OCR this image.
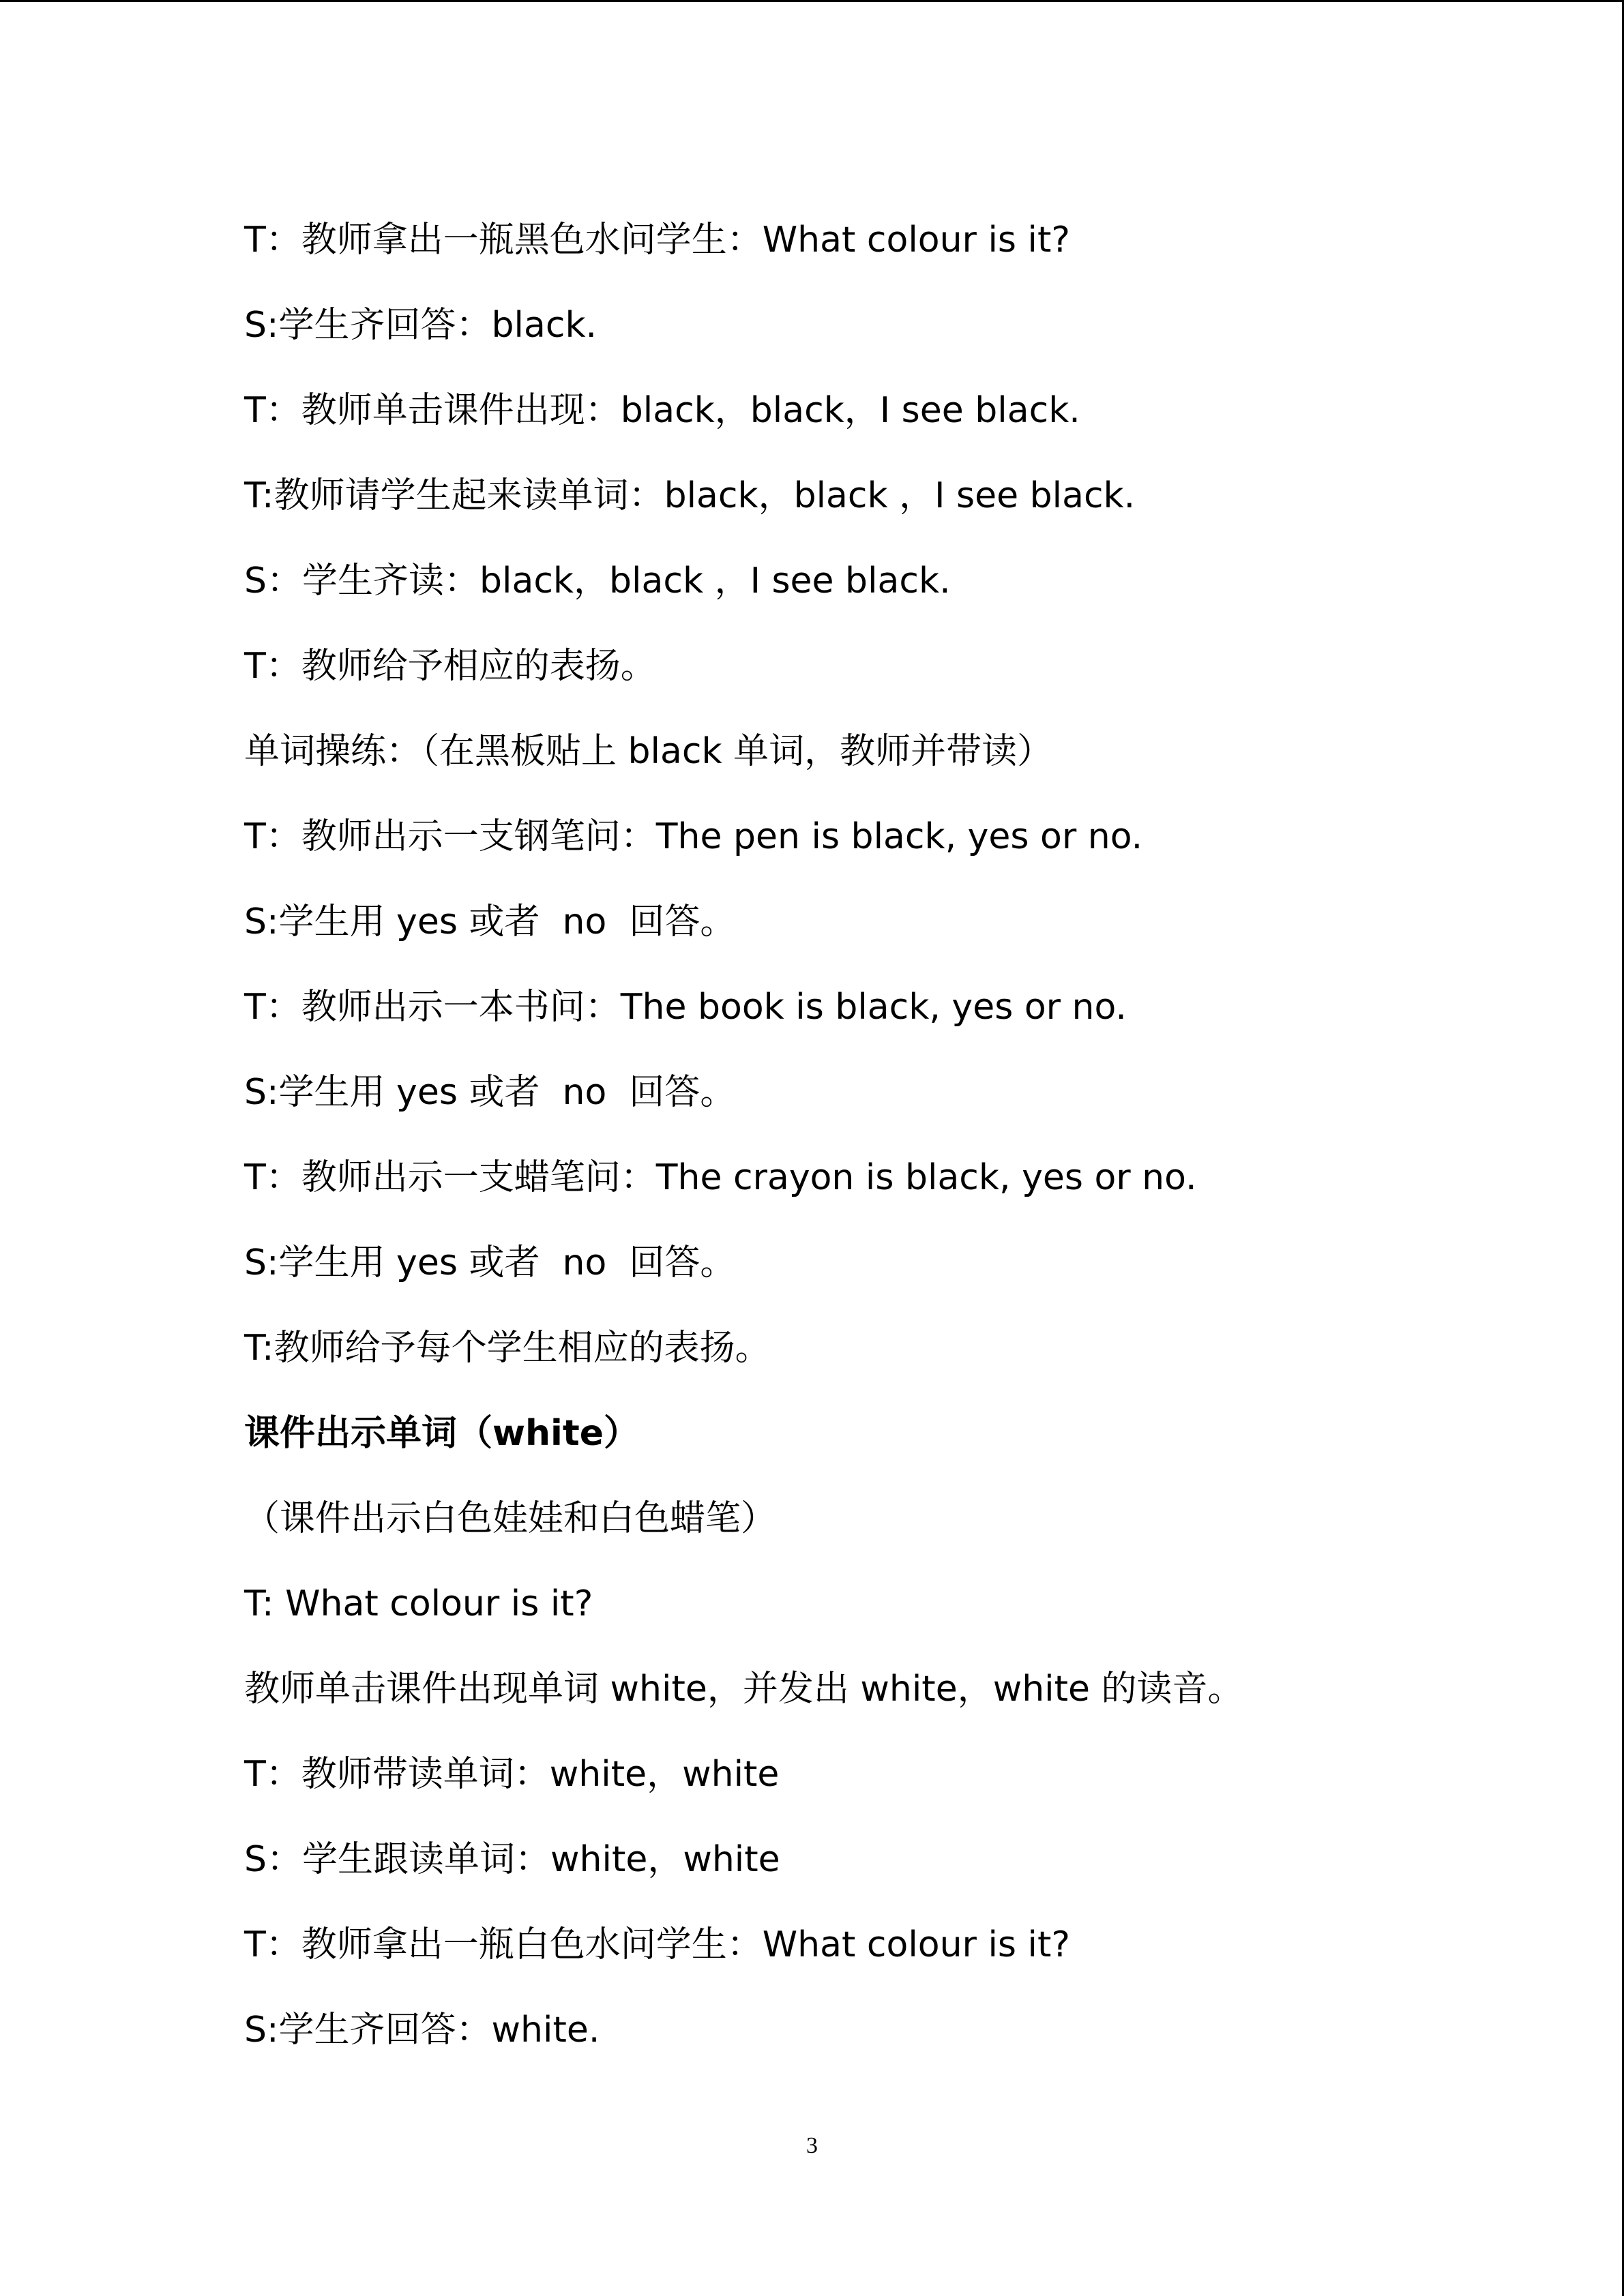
T：教师拿出一瓶黑色水问学生：What colour is it?
S:学生齐回答：black.
T：教师单击课件出现：black，black，I see black.
T:教师请学生起来读单词：black，black ，I see black.
S：学生齐读：black，black ，I see black.
T：教师给予相应的表扬。
单词操练：（在黑板贴上 black 单词，教师并带读）
T：教师出示一支钢笔问：The pen is black, yes or no.
S:学生用 yes 或者  no  回答。
T：教师出示一本书问：The book is black, yes or no.
S:学生用 yes 或者  no  回答。
T：教师出示一支蜡笔问：The crayon is black, yes or no.
S:学生用 yes 或者  no  回答。
T:教师给予每个学生相应的表扬。
课件出示单词（white）
（课件出示白色娃娃和白色蜡笔）
T: What colour is it?
教师单击课件出现单词 white，并发出 white，white 的读音。
T：教师带读单词：white，white
S：学生跟读单词：white，white
T：教师拿出一瓶白色水问学生：What colour is it?
S:学生齐回答：white.
3
